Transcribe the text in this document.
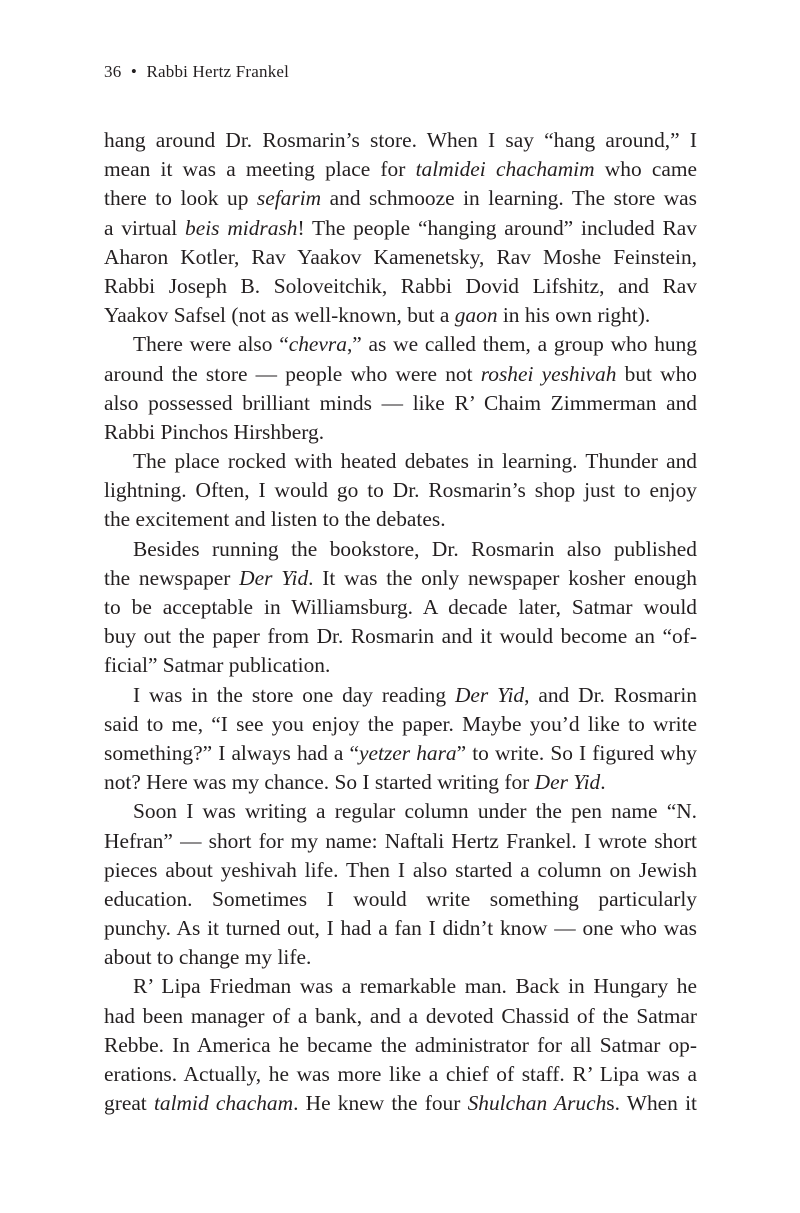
36 • Rabbi Hertz Frankel
hang around Dr. Rosmarin’s store. When I say “hang around,” I
mean it was a meeting place for talmidei chachamim who came
there to look up sefarim and schmooze in learning. The store was
a virtual beis midrash! The people “hanging around” included Rav
Aharon Kotler, Rav Yaakov Kamenetsky, Rav Moshe Feinstein,
Rabbi Joseph B. Soloveitchik, Rabbi Dovid Lifshitz, and Rav
Yaakov Safsel (not as well-known, but a gaon in his own right).
There were also “chevra,” as we called them, a group who hung
around the store — people who were not roshei yeshivah but who
also possessed brilliant minds — like R’ Chaim Zimmerman and
Rabbi Pinchos Hirshberg.
The place rocked with heated debates in learning. Thunder and
lightning. Often, I would go to Dr. Rosmarin’s shop just to enjoy
the excitement and listen to the debates.
Besides running the bookstore, Dr. Rosmarin also published
the newspaper Der Yid. It was the only newspaper kosher enough
to be acceptable in Williamsburg. A decade later, Satmar would
buy out the paper from Dr. Rosmarin and it would become an “of-
ficial” Satmar publication.
I was in the store one day reading Der Yid, and Dr. Rosmarin
said to me, “I see you enjoy the paper. Maybe you’d like to write
something?” I always had a “yetzer hara” to write. So I figured why
not? Here was my chance. So I started writing for Der Yid.
Soon I was writing a regular column under the pen name “N.
Hefran” — short for my name: Naftali Hertz Frankel. I wrote short
pieces about yeshivah life. Then I also started a column on Jewish
education. Sometimes I would write something particularly
punchy. As it turned out, I had a fan I didn’t know — one who was
about to change my life.
R’ Lipa Friedman was a remarkable man. Back in Hungary he
had been manager of a bank, and a devoted Chassid of the Satmar
Rebbe. In America he became the administrator for all Satmar op-
erations. Actually, he was more like a chief of staff. R’ Lipa was a
great talmid chacham. He knew the four Shulchan Aruchs. When it
